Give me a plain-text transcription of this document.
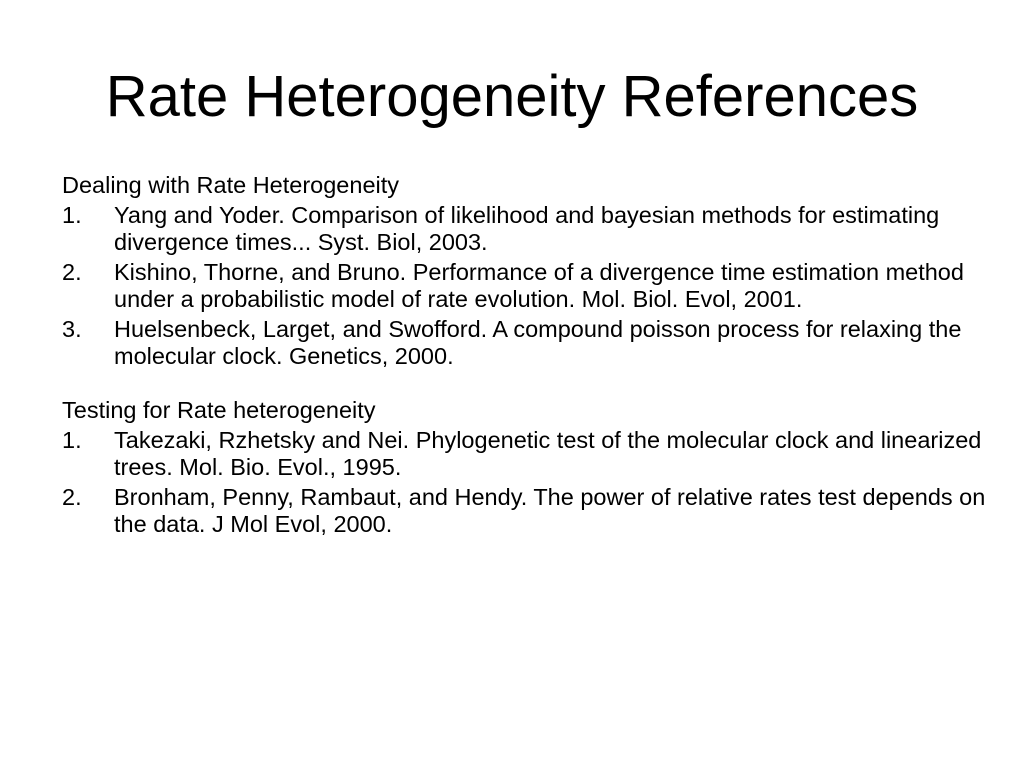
Rate Heterogeneity References
Dealing with Rate Heterogeneity
1.	Yang and Yoder. Comparison of likelihood and bayesian methods for estimating divergence times... Syst. Biol, 2003.
2.	Kishino, Thorne, and Bruno. Performance of a divergence time estimation method under a probabilistic model of rate evolution. Mol. Biol. Evol, 2001.
3.	Huelsenbeck, Larget, and Swofford. A compound poisson process for relaxing the molecular clock. Genetics, 2000.
Testing for Rate heterogeneity
1.	Takezaki, Rzhetsky and Nei. Phylogenetic test of the molecular clock and linearized trees. Mol. Bio. Evol., 1995.
2.	Bronham, Penny, Rambaut, and Hendy. The power of relative rates test depends on the data. J Mol Evol, 2000.
